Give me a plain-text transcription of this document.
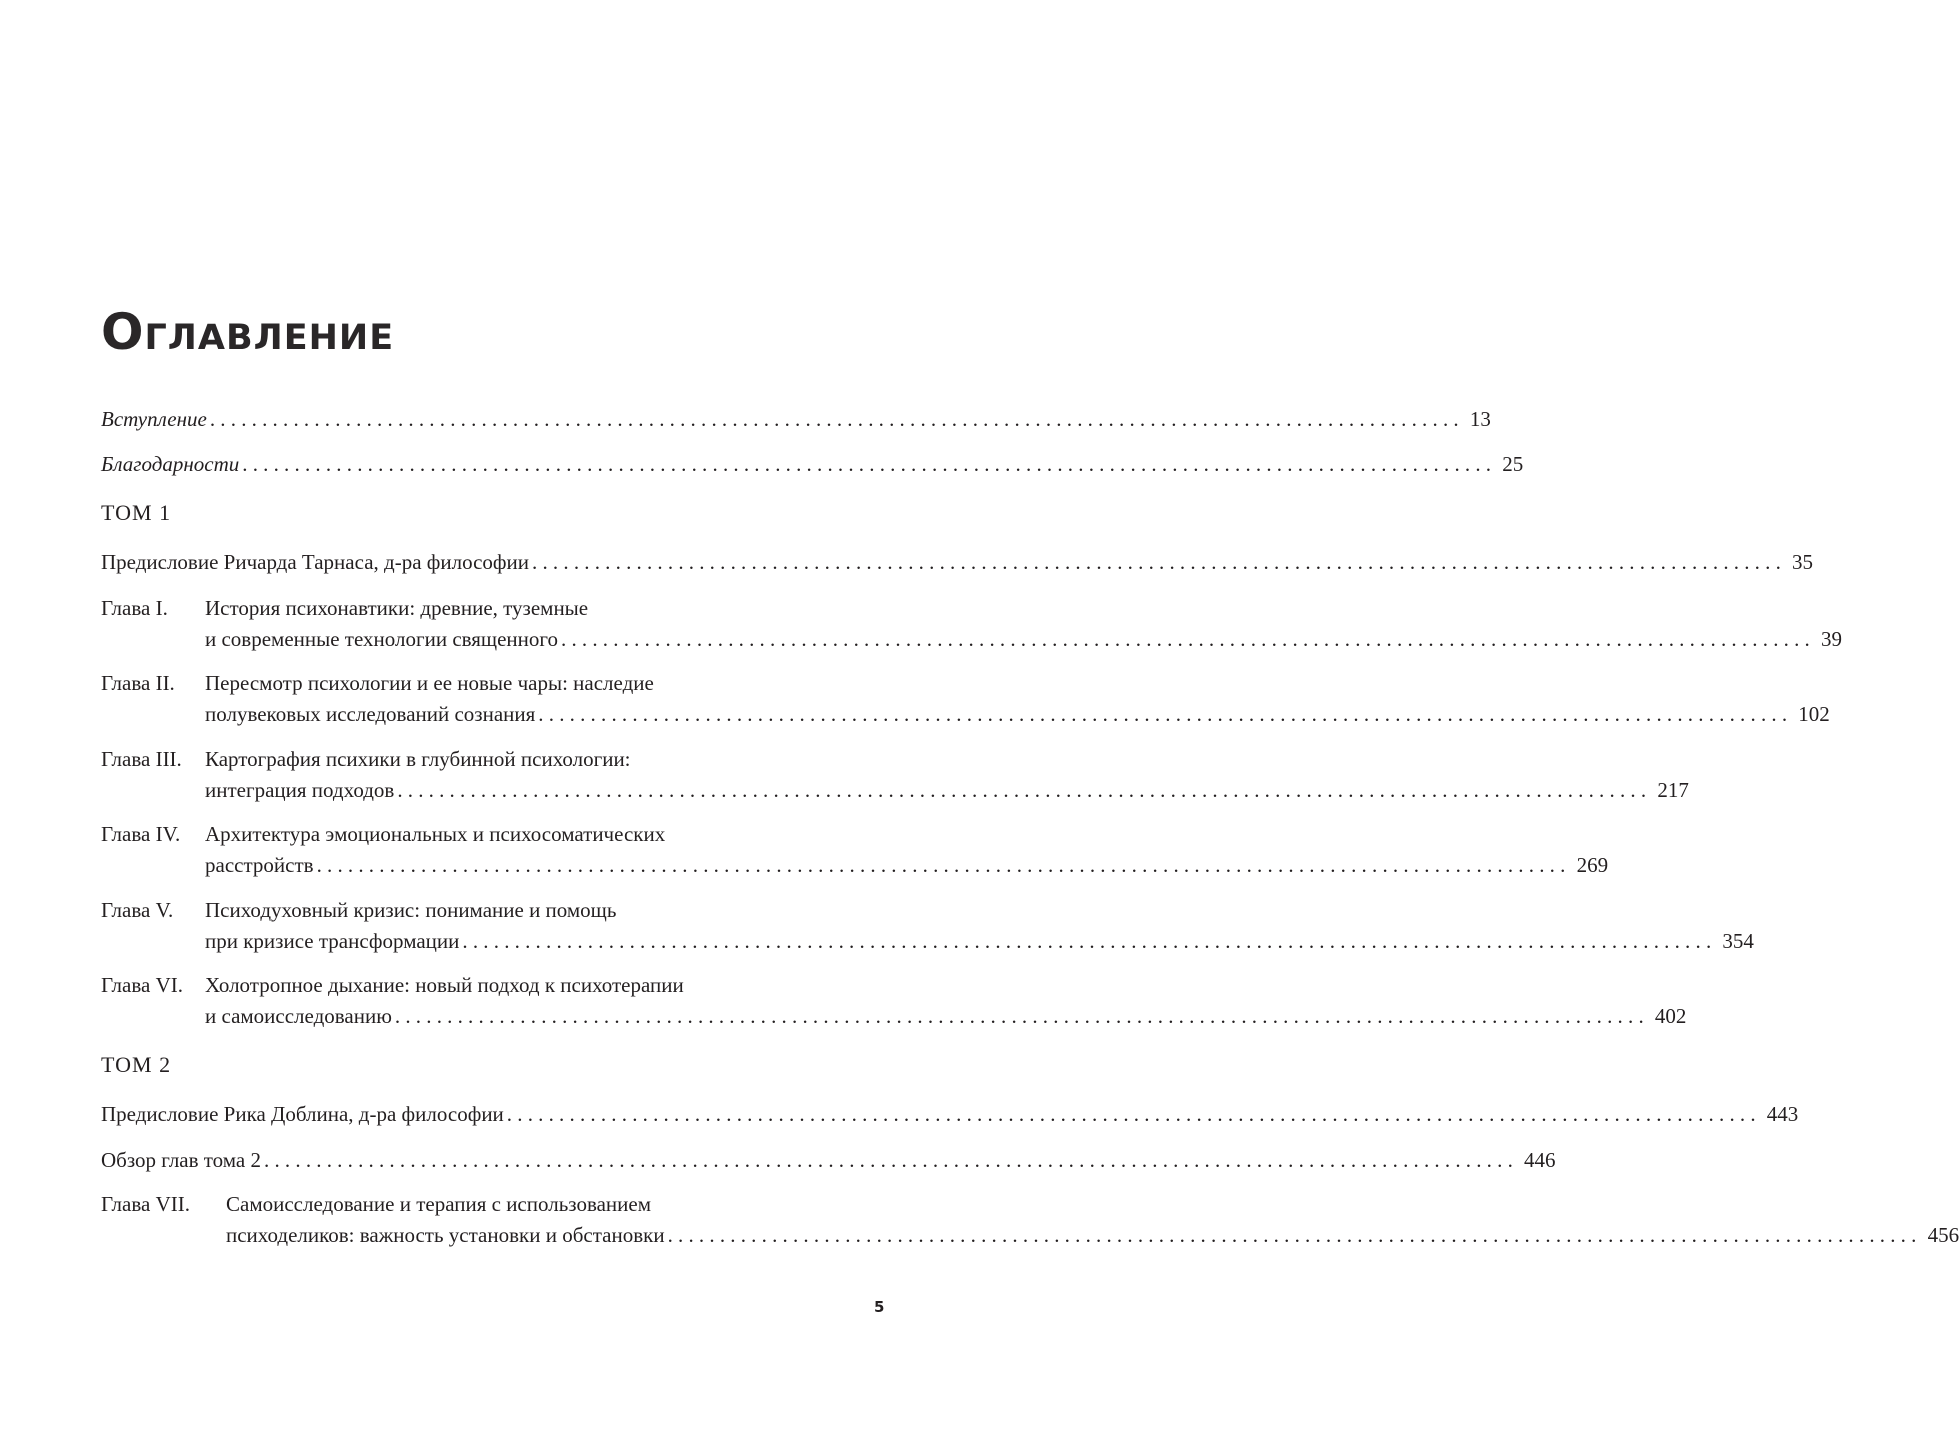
Оглавление
Вступление ........................................................................................................................ 13
Благодарности ........................................................................................................................ 25
ТОМ 1
Предисловие Ричарда Тарнаса, д-ра философии ........................................................................................................................ 35
Глава I.	История психонавтики: древние, туземные
и современные технологии священного ........................................................................................................................ 39
Глава II.	Пересмотр психологии и ее новые чары: наследие
полувековых исследований сознания ........................................................................................................................ 102
Глава III.	Картография психики в глубинной психологии:
интеграция подходов ........................................................................................................................ 217
Глава IV.	Архитектура эмоциональных и психосоматических
расстройств ........................................................................................................................ 269
Глава V.	Психодуховный кризис: понимание и помощь
при кризисе трансформации ........................................................................................................................ 354
Глава VI.	Холотропное дыхание: новый подход к психотерапии
и самоисследованию ........................................................................................................................ 402
ТОМ 2
Предисловие Рика Доблина, д-ра философии ........................................................................................................................ 443
Обзор глав тома 2 ........................................................................................................................ 446
Глава VII.	Самоисследование и терапия с использованием
психоделиков: важность установки и обстановки ........................................................................................................................ 456
5
